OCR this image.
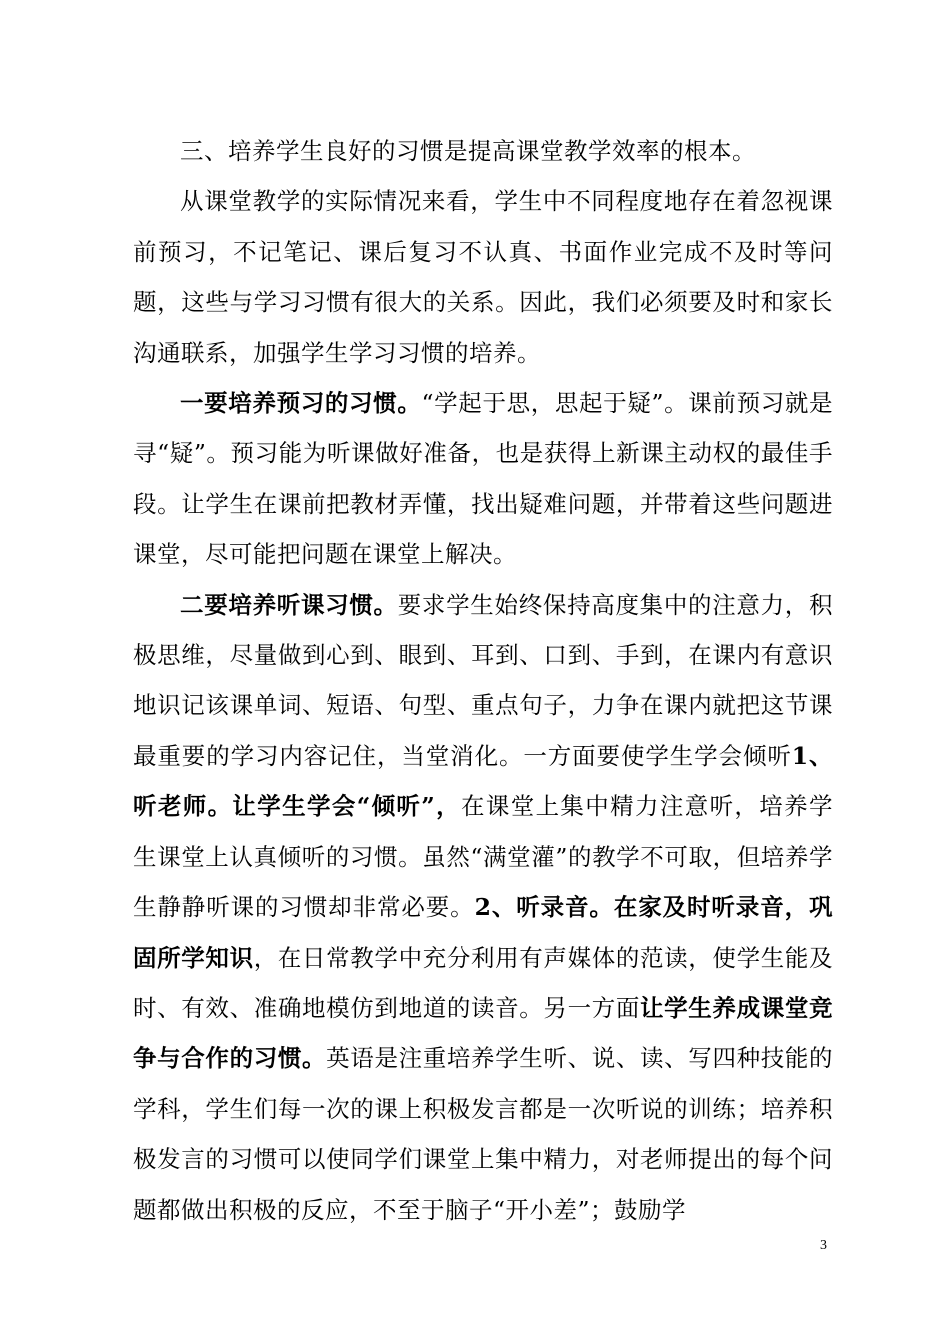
三、培养学生良好的习惯是提高课堂教学效率的根本。

从课堂教学的实际情况来看，学生中不同程度地存在着忽视课前预习，不记笔记、课后复习不认真、书面作业完成不及时等问题，这些与学习习惯有很大的关系。因此，我们必须要及时和家长沟通联系，加强学生学习习惯的培养。

一要培养预习的习惯。“学起于思，思起于疑”。课前预习就是寻“疑”。预习能为听课做好准备，也是获得上新课主动权的最佳手段。让学生在课前把教材弄懂，找出疑难问题，并带着这些问题进课堂，尽可能把问题在课堂上解决。

二要培养听课习惯。要求学生始终保持高度集中的注意力，积极思维，尽量做到心到、眼到、耳到、口到、手到，在课内有意识地识记该课单词、短语、句型、重点句子，力争在课内就把这节课最重要的学习内容记住，当堂消化。一方面要使学生学会倾听1、听老师。让学生学会“倾听”，在课堂上集中精力注意听，培养学生课堂上认真倾听的习惯。虽然“满堂灌”的教学不可取，但培养学生静静听课的习惯却非常必要。2、听录音。在家及时听录音，巩固所学知识，在日常教学中充分利用有声媒体的范读，使学生能及时、有效、准确地模仿到地道的读音。另一方面让学生养成课堂竞争与合作的习惯。英语是注重培养学生听、说、读、写四种技能的学科，学生们每一次的课上积极发言都是一次听说的训练；培养积极发言的习惯可以使同学们课堂上集中精力，对老师提出的每个问题都做出积极的反应，不至于脑子“开小差”；鼓励学

3
